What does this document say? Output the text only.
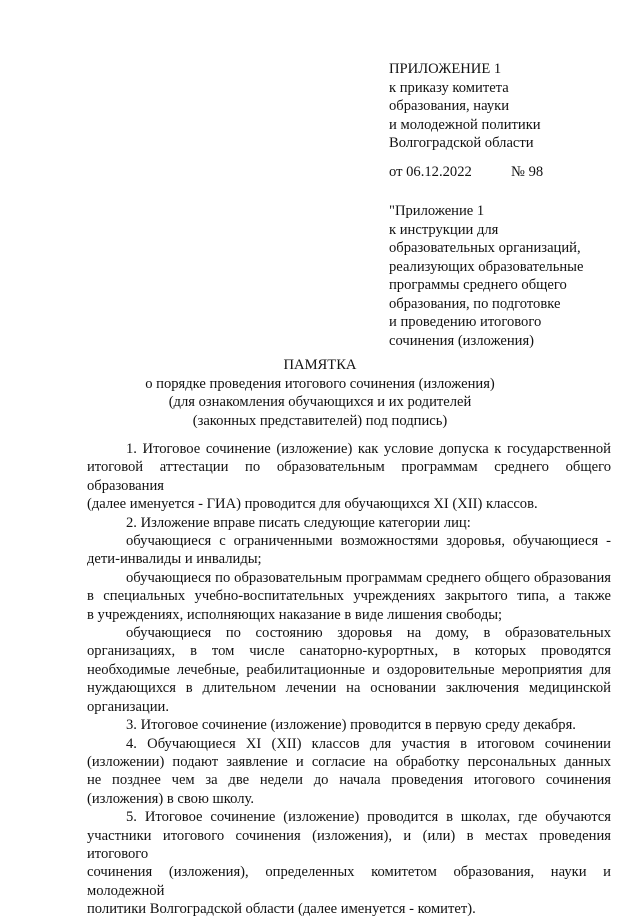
ПРИЛОЖЕНИЕ 1
к приказу комитета
образования, науки
и молодежной политики
Волгоградской области
от 06.12.2022	№ 98
"Приложение 1
к инструкции для
образовательных организаций,
реализующих образовательные
программы среднего общего
образования, по подготовке
и проведению итогового
сочинения (изложения)
ПАМЯТКА
о порядке проведения итогового сочинения (изложения)
(для ознакомления обучающихся и их родителей
(законных представителей) под подпись)

1. Итоговое сочинение (изложение) как условие допуска к государственной

итоговой аттестации по образовательным программам среднего общего образования

(далее именуется - ГИА) проводится для обучающихся XI (XII) классов.

2. Изложение вправе писать следующие категории лиц:

обучающиеся с ограниченными возможностями здоровья, обучающиеся -

дети-инвалиды и инвалиды;

обучающиеся по образовательным программам среднего общего образования

в специальных учебно-воспитательных учреждениях закрытого типа, а также

в учреждениях, исполняющих наказание в виде лишения свободы;

обучающиеся по состоянию здоровья на дому, в образовательных

организациях, в том числе санаторно-курортных, в которых проводятся

необходимые лечебные, реабилитационные и оздоровительные мероприятия для

нуждающихся в длительном лечении на основании заключения медицинской

организации.

3. Итоговое сочинение (изложение) проводится в первую среду декабря.

4. Обучающиеся XI (XII) классов для участия в итоговом сочинении

(изложении) подают заявление и согласие на обработку персональных данных

не позднее чем за две недели до начала проведения итогового сочинения

(изложения) в свою школу.

5. Итоговое сочинение (изложение) проводится в школах, где обучаются

участники итогового сочинения (изложения), и (или) в местах проведения итогового

сочинения (изложения), определенных комитетом образования, науки и молодежной

политики Волгоградской области (далее именуется - комитет).
